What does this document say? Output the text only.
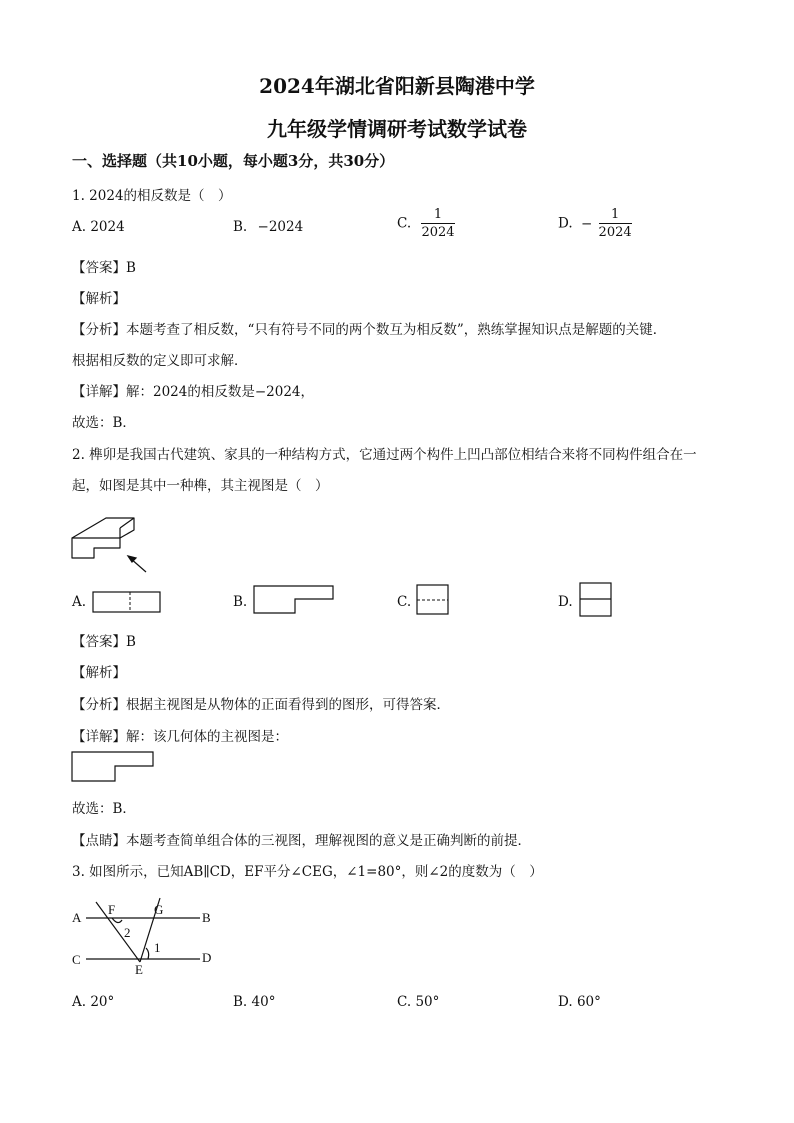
2024年湖北省阳新县陶港中学
九年级学情调研考试数学试卷
一、选择题（共10小题，每小题3分，共30分）
1. 2024的相反数是（　）
A. 2024	B. −2024	C. $\frac{1}{2024}$	D. − $\frac{1}{2024}$
【答案】B
【解析】
【分析】本题考查了相反数，“只有符号不同的两个数互为相反数”，熟练掌握知识点是解题的关键．
根据相反数的定义即可求解．
【详解】解：2024的相反数是−2024，
故选：B．
2. 榫卯是我国古代建筑、家具的一种结构方式，它通过两个构件上凹凸部位相结合来将不同构件组合在一
起，如图是其中一种榫，其主视图是（　）
A.	B.	C.	D.
【答案】B
【解析】
【分析】根据主视图是从物体的正面看得到的图形，可得答案．
【详解】解：该几何体的主视图是：
故选：B．
【点睛】本题考查简单组合体的三视图，理解视图的意义是正确判断的前提．
3. 如图所示，已知AB∥CD，EF平分∠CEG，∠1=80°，则∠2的度数为（　）
A	B
C	D
E
F	G
1
2
A. 20°	B. 40°	C. 50°	D. 60°
